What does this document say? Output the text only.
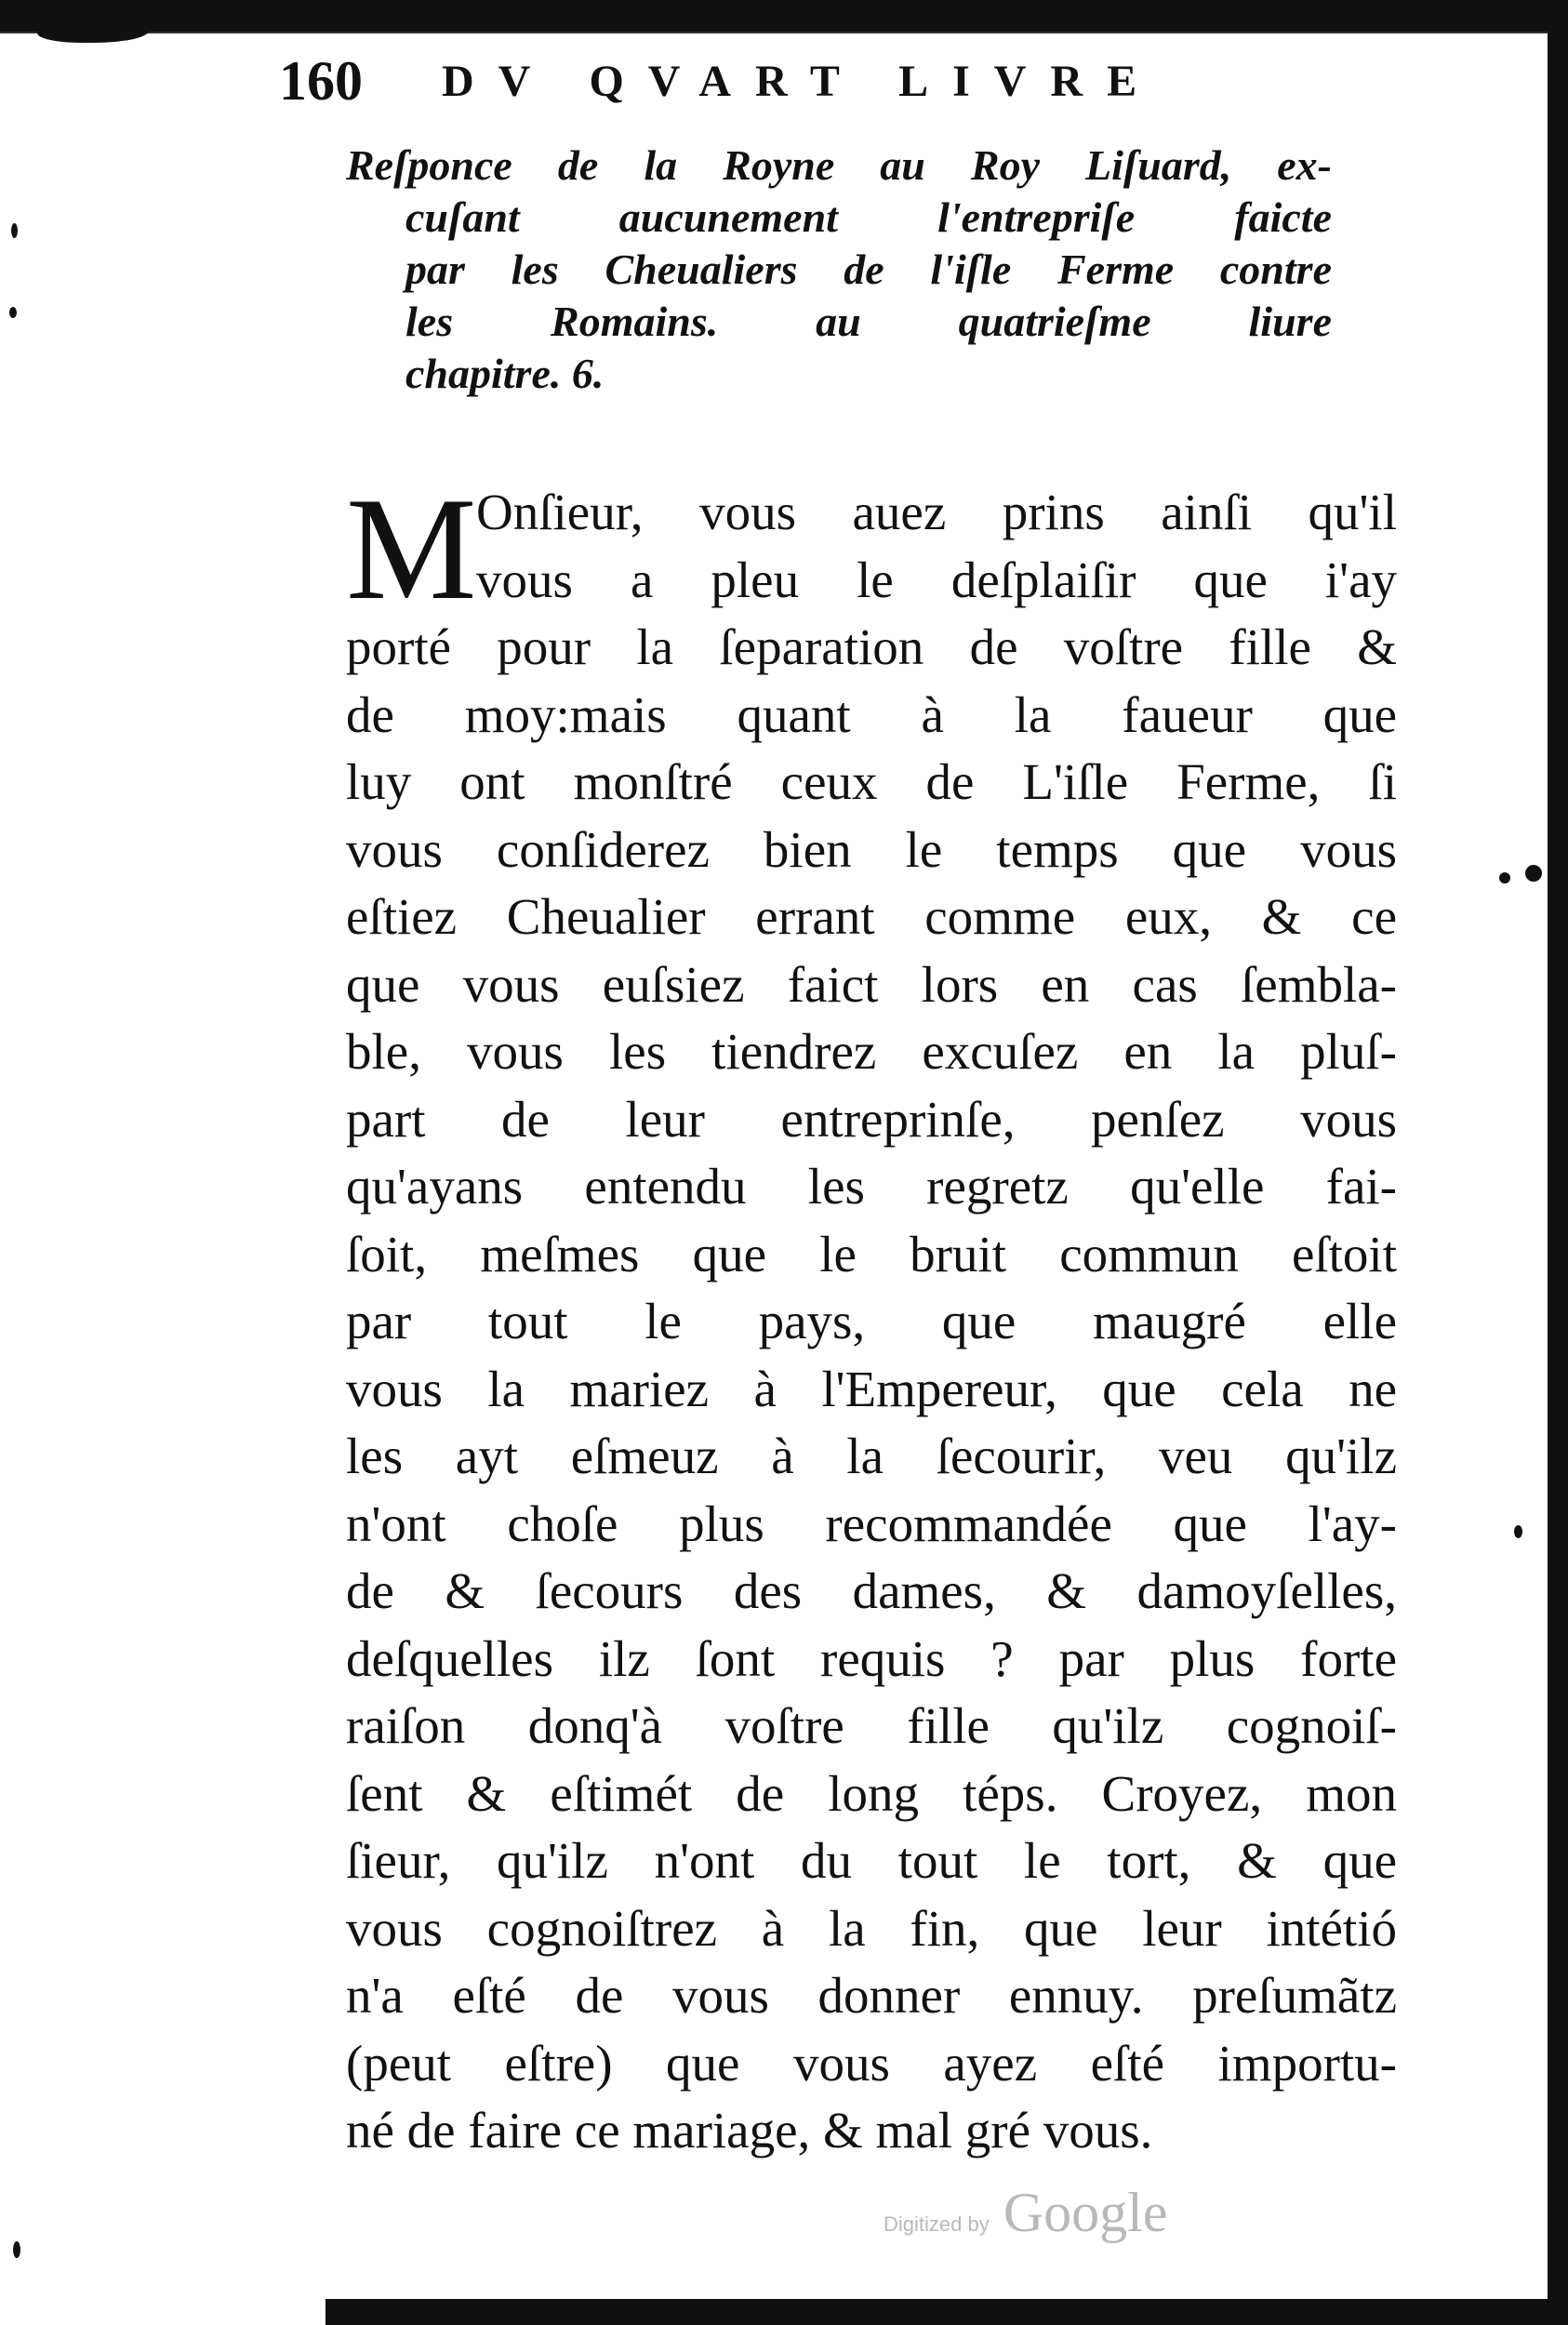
160 DV QVART LIVRE
Reſponce de la Royne au Roy Liſuard, ex-
cuſant aucunement l'entrepriſe faicte
par les Cheualiers de l'iſle Ferme contre
les Romains. au quatrieſme liure
chapitre. 6.
M Onſieur, vous auez prins ainſi qu'il
vous a pleu le deſplaiſir que i'ay
porté pour la ſeparation de voſtre fille &
de moy:mais quant à la faueur que
luy ont monſtré ceux de L'iſle Ferme, ſi
vous conſiderez bien le temps que vous
eſtiez Cheualier errant comme eux, & ce
que vous euſsiez faict lors en cas ſembla-
ble, vous les tiendrez excuſez en la pluſ-
part de leur entreprinſe, penſez vous
qu'ayans entendu les regretz qu'elle fai-
ſoit, meſmes que le bruit commun eſtoit
par tout le pays, que maugré elle
vous la mariez à l'Empereur, que cela ne
les ayt eſmeuz à la ſecourir, veu qu'ilz
n'ont choſe plus recommandée que l'ay-
de & ſecours des dames, & damoyſelles,
deſquelles ilz ſont requis ? par plus forte
raiſon donq'à voſtre fille qu'ilz cognoiſ-
ſent & eſtimét de long téps. Croyez, mon
ſieur, qu'ilz n'ont du tout le tort, & que
vous cognoiſtrez à la fin, que leur intétió
n'a eſté de vous donner ennuy. preſumãtz
(peut eſtre) que vous ayez eſté importu-
né de faire ce mariage, & mal gré vous.
Digitized by Google
